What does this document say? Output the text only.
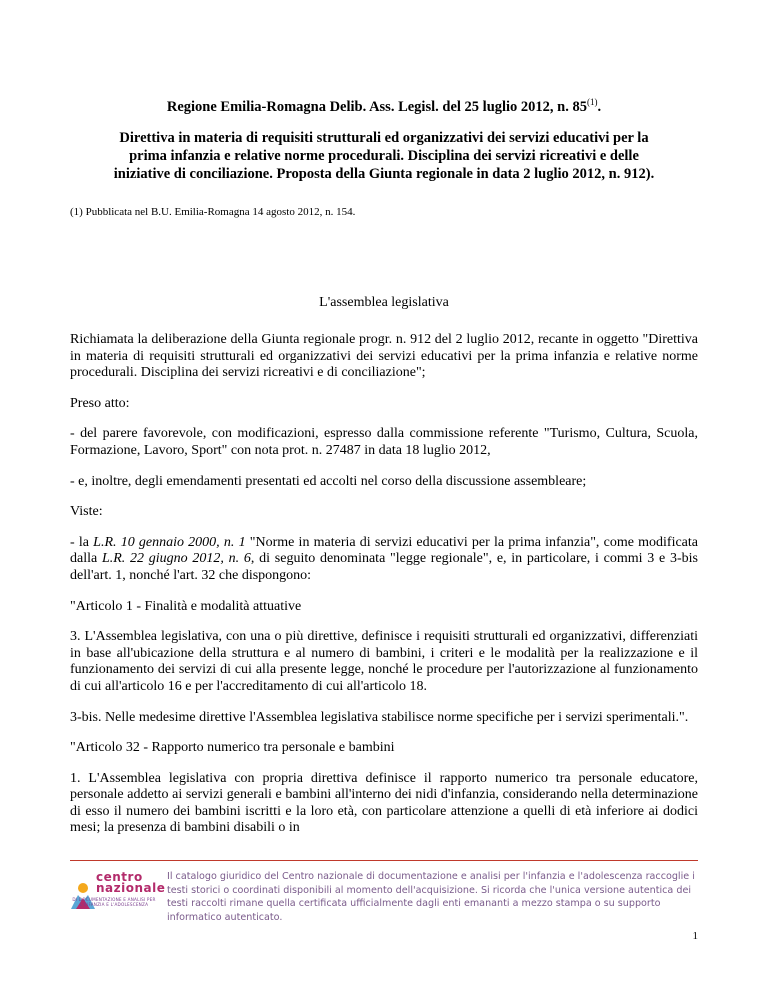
Regione Emilia-Romagna Delib. Ass. Legisl. del 25 luglio 2012, n. 85$^{(1)}$.
Direttiva in materia di requisiti strutturali ed organizzativi dei servizi educativi per la prima infanzia e relative norme procedurali. Disciplina dei servizi ricreativi e delle iniziative di conciliazione. Proposta della Giunta regionale in data 2 luglio 2012, n. 912).
(1) Pubblicata nel B.U. Emilia-Romagna 14 agosto 2012, n. 154.
L'assemblea legislativa

Richiamata la deliberazione della Giunta regionale progr. n. 912 del 2 luglio 2012, recante in oggetto "Direttiva in materia di requisiti strutturali ed organizzativi dei servizi educativi per la prima infanzia e relative norme procedurali. Disciplina dei servizi ricreativi e di conciliazione";

Preso atto:

- del parere favorevole, con modificazioni, espresso dalla commissione referente "Turismo, Cultura, Scuola, Formazione, Lavoro, Sport" con nota prot. n. 27487 in data 18 luglio 2012,

- e, inoltre, degli emendamenti presentati ed accolti nel corso della discussione assembleare;

Viste:

- la L.R. 10 gennaio 2000, n. 1 "Norme in materia di servizi educativi per la prima infanzia", come modificata dalla L.R. 22 giugno 2012, n. 6, di seguito denominata "legge regionale", e, in particolare, i commi 3 e 3-bis dell'art. 1, nonché l'art. 32 che dispongono:

"Articolo 1 - Finalità e modalità attuative

3. L'Assemblea legislativa, con una o più direttive, definisce i requisiti strutturali ed organizzativi, differenziati in base all'ubicazione della struttura e al numero di bambini, i criteri e le modalità per la realizzazione e il funzionamento dei servizi di cui alla presente legge, nonché le procedure per l'autorizzazione al funzionamento di cui all'articolo 16 e per l'accreditamento di cui all'articolo 18.

3-bis. Nelle medesime direttive l'Assemblea legislativa stabilisce norme specifiche per i servizi sperimentali.".

"Articolo 32 - Rapporto numerico tra personale e bambini

1. L'Assemblea legislativa con propria direttiva definisce il rapporto numerico tra personale educatore, personale addetto ai servizi generali e bambini all'interno dei nidi d'infanzia, considerando nella determinazione di esso il numero dei bambini iscritti e la loro età, con particolare attenzione a quelli di età inferiore ai dodici mesi; la presenza di bambini disabili o in

centro
nazionale
DI DOCUMENTAZIONE E ANALISI PER L'INFANZIA E L'ADOLESCENZA
Il catalogo giuridico del Centro nazionale di documentazione e analisi per l'infanzia e l'adolescenza raccoglie i testi storici o coordinati disponibili al momento dell'acquisizione. Si ricorda che l'unica versione autentica dei testi raccolti rimane quella certificata ufficialmente dagli enti emananti a mezzo stampa o su supporto informatico autenticato.
1
